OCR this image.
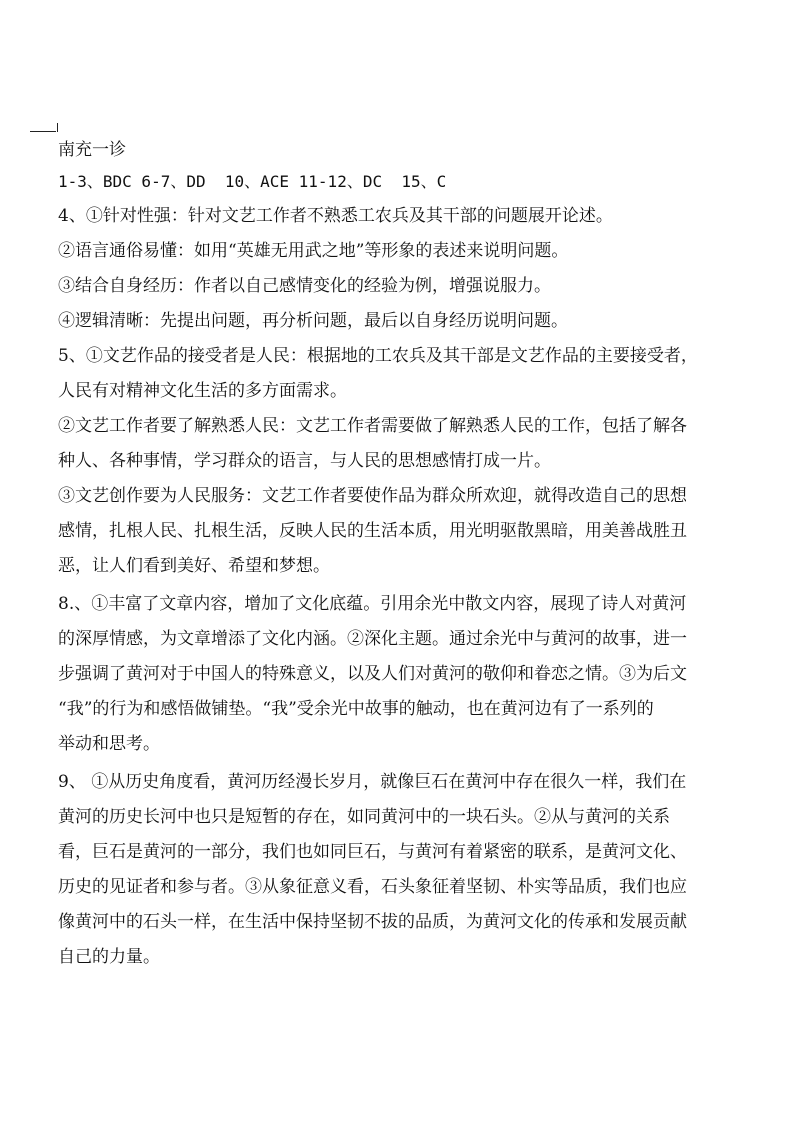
南充一诊

1-3、BDC 6-7、DD  10、ACE 11-12、DC  15、C

4、①针对性强：针对文艺工作者不熟悉工农兵及其干部的问题展开论述。

②语言通俗易懂：如用“英雄无用武之地”等形象的表述来说明问题。

③结合自身经历：作者以自己感情变化的经验为例，增强说服力。

④逻辑清晰：先提出问题，再分析问题，最后以自身经历说明问题。

5、①文艺作品的接受者是人民：根据地的工农兵及其干部是文艺作品的主要接受者，

人民有对精神文化生活的多方面需求。

②文艺工作者要了解熟悉人民：文艺工作者需要做了解熟悉人民的工作，包括了解各

种人、各种事情，学习群众的语言，与人民的思想感情打成一片。

③文艺创作要为人民服务：文艺工作者要使作品为群众所欢迎，就得改造自己的思想

感情，扎根人民、扎根生活，反映人民的生活本质，用光明驱散黑暗，用美善战胜丑

恶，让人们看到美好、希望和梦想。

8.、①丰富了文章内容，增加了文化底蕴。引用余光中散文内容，展现了诗人对黄河

的深厚情感，为文章增添了文化内涵。②深化主题。通过余光中与黄河的故事，进一

步强调了黄河对于中国人的特殊意义，以及人们对黄河的敬仰和眷恋之情。③为后文

“我”的行为和感悟做铺垫。“我”受余光中故事的触动，也在黄河边有了一系列的

举动和思考。

9、 ①从历史角度看，黄河历经漫长岁月，就像巨石在黄河中存在很久一样，我们在

黄河的历史长河中也只是短暂的存在，如同黄河中的一块石头。②从与黄河的关系

看，巨石是黄河的一部分，我们也如同巨石，与黄河有着紧密的联系，是黄河文化、

历史的见证者和参与者。③从象征意义看，石头象征着坚韧、朴实等品质，我们也应

像黄河中的石头一样，在生活中保持坚韧不拔的品质，为黄河文化的传承和发展贡献

自己的力量。
